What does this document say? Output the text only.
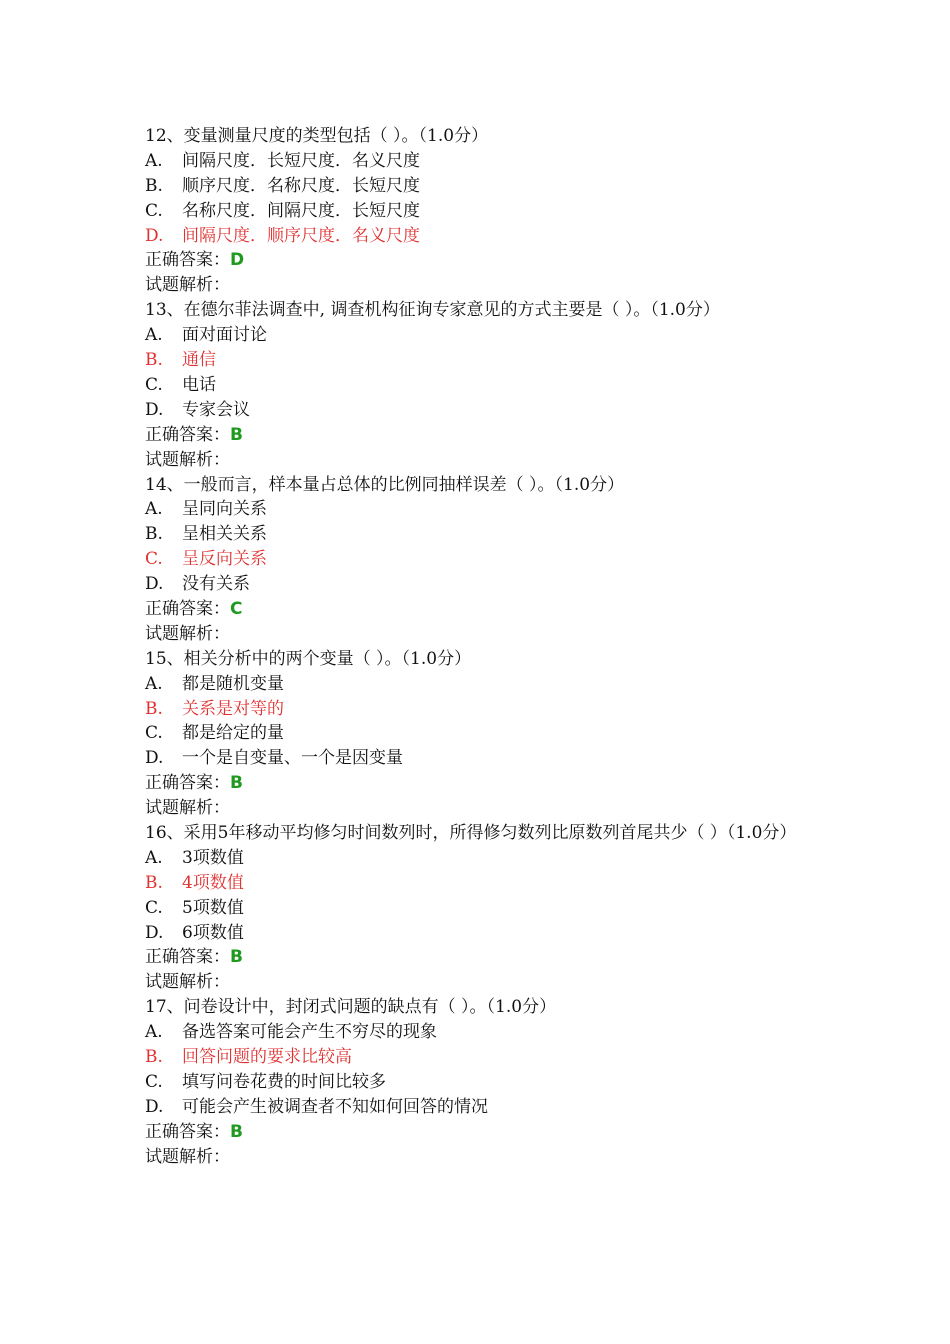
12、变量测量尺度的类型包括（ ）。（1.0分）
A. 间隔尺度．长短尺度．名义尺度
B. 顺序尺度．名称尺度．长短尺度
C. 名称尺度．间隔尺度．长短尺度
D. 间隔尺度．顺序尺度．名义尺度
正确答案：D
试题解析：
13、在德尔菲法调查中, 调查机构征询专家意见的方式主要是（ ）。（1.0分）
A. 面对面讨论
B. 通信
C. 电话
D. 专家会议
正确答案：B
试题解析：
14、一般而言，样本量占总体的比例同抽样误差（ ）。（1.0分）
A. 呈同向关系
B. 呈相关关系
C. 呈反向关系
D. 没有关系
正确答案：C
试题解析：
15、相关分析中的两个变量（ ）。（1.0分）
A. 都是随机变量
B. 关系是对等的
C. 都是给定的量
D. 一个是自变量、一个是因变量
正确答案：B
试题解析：
16、采用5年移动平均修匀时间数列时，所得修匀数列比原数列首尾共少（ ）（1.0分）
A. 3项数值
B. 4项数值
C. 5项数值
D. 6项数值
正确答案：B
试题解析：
17、问卷设计中，封闭式问题的缺点有（ ）。（1.0分）
A. 备选答案可能会产生不穷尽的现象
B. 回答问题的要求比较高
C. 填写问卷花费的时间比较多
D. 可能会产生被调查者不知如何回答的情况
正确答案：B
试题解析：
